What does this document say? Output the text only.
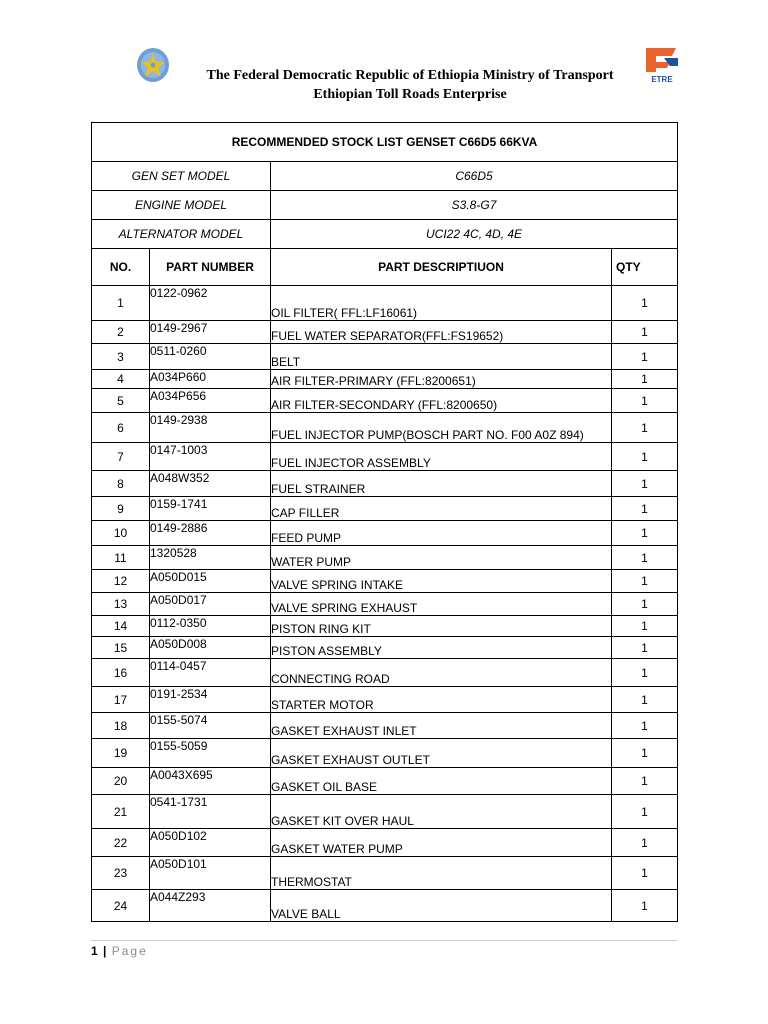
ETRE
The Federal Democratic Republic of Ethiopia Ministry of Transport
Ethiopian Toll Roads Enterprise
RECOMMENDED STOCK LIST GENSET C66D5 66KVA			
GEN SET MODEL		C66D5	
ENGINE MODEL		S3.8-G7	
ALTERNATOR MODEL		UCI22 4C, 4D, 4E	
NO.	PART NUMBER	PART DESCRIPTIUON	QTY
1	0122-0962	OIL FILTER( FFL:LF16061)	1
2	0149-2967	FUEL WATER SEPARATOR(FFL:FS19652)	1
3	0511-0260	BELT	1
4	A034P660	AIR FILTER-PRIMARY (FFL:8200651)	1
5	A034P656	AIR FILTER-SECONDARY (FFL:8200650)	1
6	0149-2938	FUEL INJECTOR PUMP(BOSCH PART NO. F00 A0Z 894)	1
7	0147-1003	FUEL INJECTOR ASSEMBLY	1
8	A048W352	FUEL STRAINER	1
9	0159-1741	CAP FILLER	1
10	0149-2886	FEED PUMP	1
11	1320528	WATER PUMP	1
12	A050D015	VALVE SPRING INTAKE	1
13	A050D017	VALVE SPRING EXHAUST	1
14	0112-0350	PISTON RING KIT	1
15	A050D008	PISTON ASSEMBLY	1
16	0114-0457	CONNECTING ROAD	1
17	0191-2534	STARTER MOTOR	1
18	0155-5074	GASKET EXHAUST INLET	1
19	0155-5059	GASKET EXHAUST OUTLET	1
20	A0043X695	GASKET OIL BASE	1
21	0541-1731	GASKET KIT OVER HAUL	1
22	A050D102	GASKET WATER PUMP	1
23	A050D101	THERMOSTAT	1
24	A044Z293	VALVE BALL	1
1 | Page
